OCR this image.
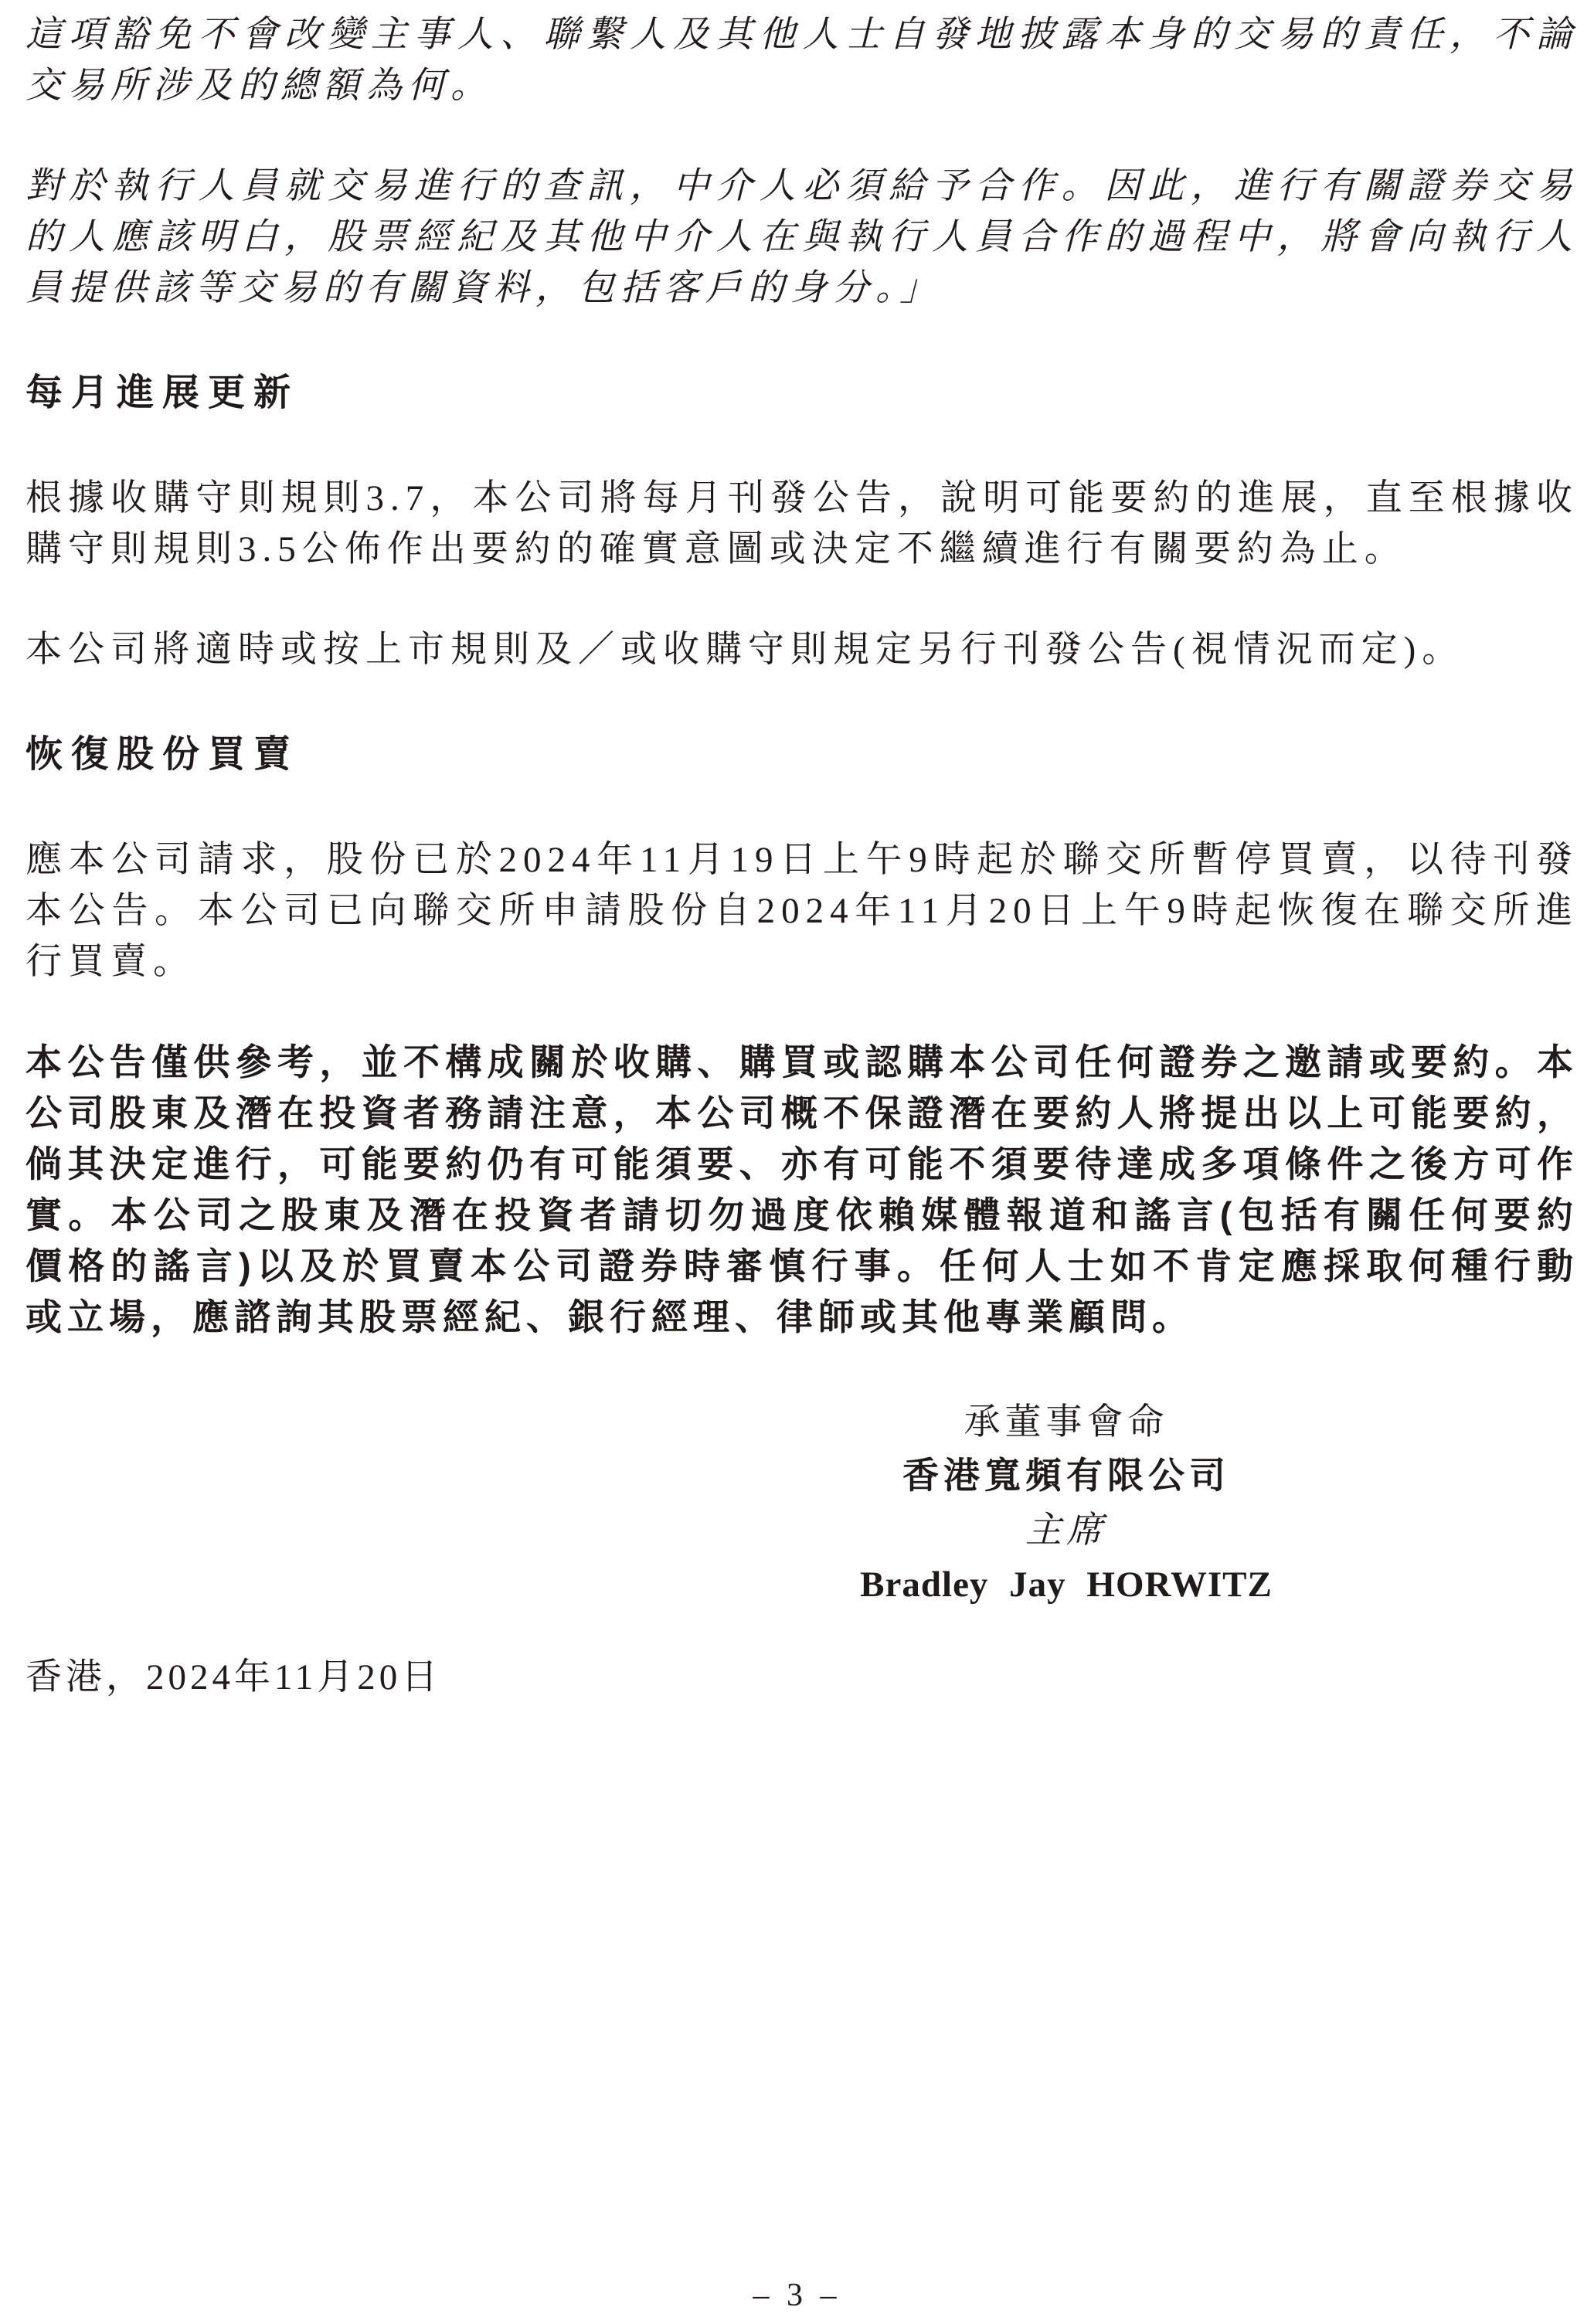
這項豁免不會改變主事人、聯繫人及其他人士自發地披露本身的交易的責任，不論交易所涉及的總額為何。

對於執行人員就交易進行的查訊，中介人必須給予合作。因此，進行有關證券交易的人應該明白，股票經紀及其他中介人在與執行人員合作的過程中，將會向執行人員提供該等交易的有關資料，包括客戶的身分。」

每月進展更新

根據收購守則規則3.7，本公司將每月刊發公告，說明可能要約的進展，直至根據收購守則規則3.5公佈作出要約的確實意圖或決定不繼續進行有關要約為止。

本公司將適時或按上市規則及／或收購守則規定另行刊發公告(視情況而定)。

恢復股份買賣

應本公司請求，股份已於2024年11月19日上午9時起於聯交所暫停買賣，以待刊發本公告。本公司已向聯交所申請股份自2024年11月20日上午9時起恢復在聯交所進行買賣。

本公告僅供參考，並不構成關於收購、購買或認購本公司任何證券之邀請或要約。本公司股東及潛在投資者務請注意，本公司概不保證潛在要約人將提出以上可能要約，倘其決定進行，可能要約仍有可能須要、亦有可能不須要待達成多項條件之後方可作實。本公司之股東及潛在投資者請切勿過度依賴媒體報道和謠言(包括有關任何要約價格的謠言)以及於買賣本公司證券時審慎行事。任何人士如不肯定應採取何種行動或立場，應諮詢其股票經紀、銀行經理、律師或其他專業顧問。

承董事會命
香港寬頻有限公司
主席
Bradley Jay HORWITZ

香港，2024年11月20日

– 3 –
